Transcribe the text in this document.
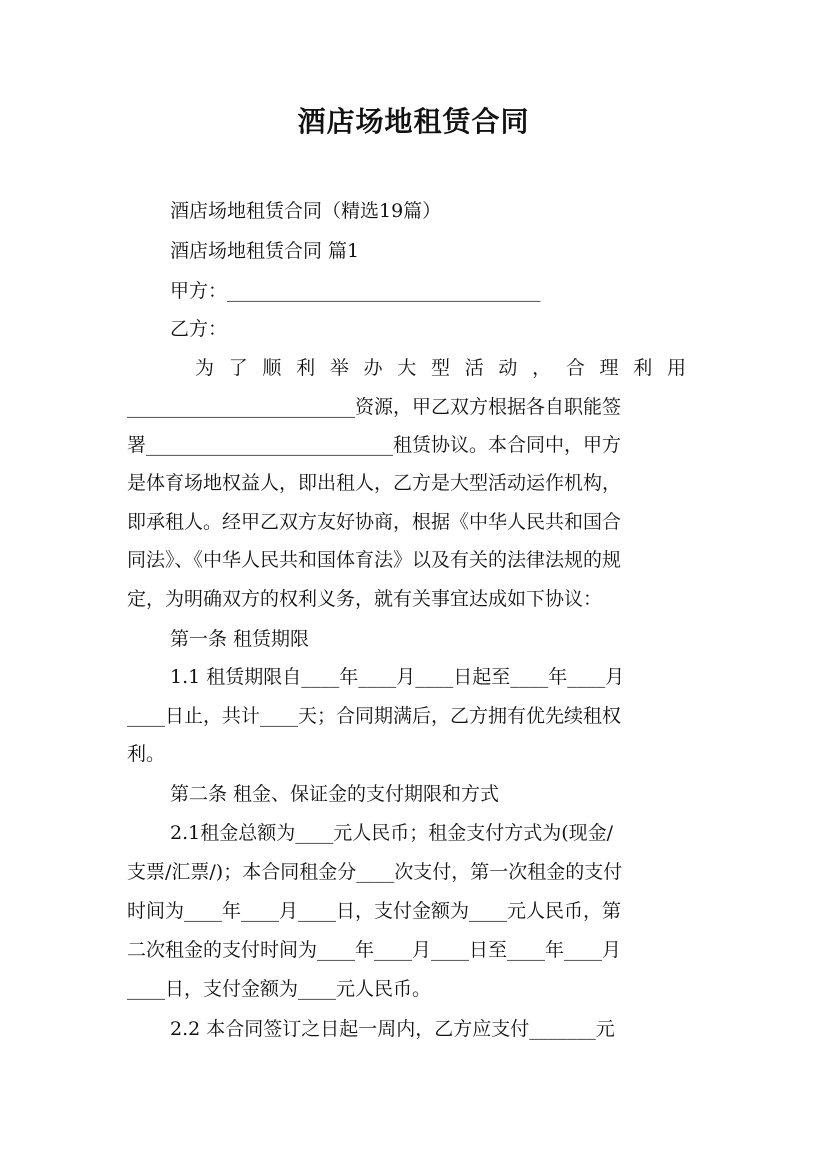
酒店场地租赁合同
酒店场地租赁合同（精选19篇）
酒店场地租赁合同 篇1
甲方：_________________________________
乙方：
为了顺利举办大型活动，合理利用
________________________资源，甲乙双方根据各自职能签
署__________________________租赁协议。本合同中，甲方
是体育场地权益人，即出租人，乙方是大型活动运作机构，
即承租人。经甲乙双方友好协商，根据《中华人民共和国合
同法》、《中华人民共和国体育法》以及有关的法律法规的规
定，为明确双方的权利义务，就有关事宜达成如下协议：
第一条 租赁期限
1.1 租赁期限自____年____月____日起至____年____月
____日止，共计____天；合同期满后，乙方拥有优先续租权
利。
第二条 租金、保证金的支付期限和方式
2.1租金总额为____元人民币；租金支付方式为(现金/
支票/汇票/)；本合同租金分____次支付，第一次租金的支付
时间为____年____月____日，支付金额为____元人民币，第
二次租金的支付时间为____年____月____日至____年____月
____日，支付金额为____元人民币。
2.2 本合同签订之日起一周内，乙方应支付_______元
